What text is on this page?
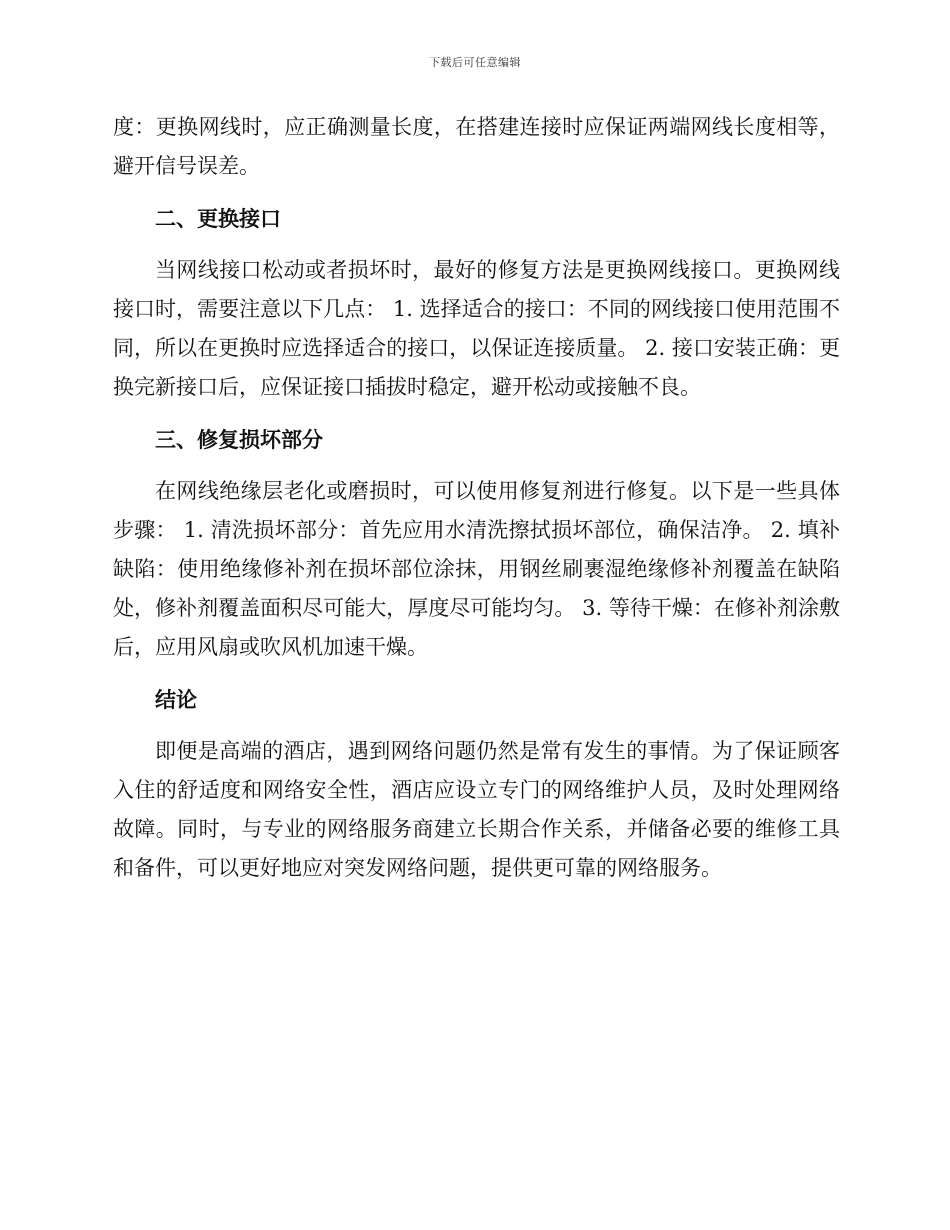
下载后可任意编辑

度：更换网线时，应正确测量长度，在搭建连接时应保证两端网线长度相等，避开信号误差。

二、更换接口

当网线接口松动或者损坏时，最好的修复方法是更换网线接口。更换网线接口时，需要注意以下几点： 1. 选择适合的接口：不同的网线接口使用范围不同，所以在更换时应选择适合的接口，以保证连接质量。 2. 接口安装正确：更换完新接口后，应保证接口插拔时稳定，避开松动或接触不良。

三、修复损坏部分

在网线绝缘层老化或磨损时，可以使用修复剂进行修复。以下是一些具体步骤： 1. 清洗损坏部分：首先应用水清洗擦拭损坏部位，确保洁净。 2. 填补缺陷：使用绝缘修补剂在损坏部位涂抹，用钢丝刷裹湿绝缘修补剂覆盖在缺陷处，修补剂覆盖面积尽可能大，厚度尽可能均匀。 3. 等待干燥：在修补剂涂敷后，应用风扇或吹风机加速干燥。

结论

即便是高端的酒店，遇到网络问题仍然是常有发生的事情。为了保证顾客入住的舒适度和网络安全性，酒店应设立专门的网络维护人员，及时处理网络故障。同时，与专业的网络服务商建立长期合作关系，并储备必要的维修工具和备件，可以更好地应对突发网络问题，提供更可靠的网络服务。
